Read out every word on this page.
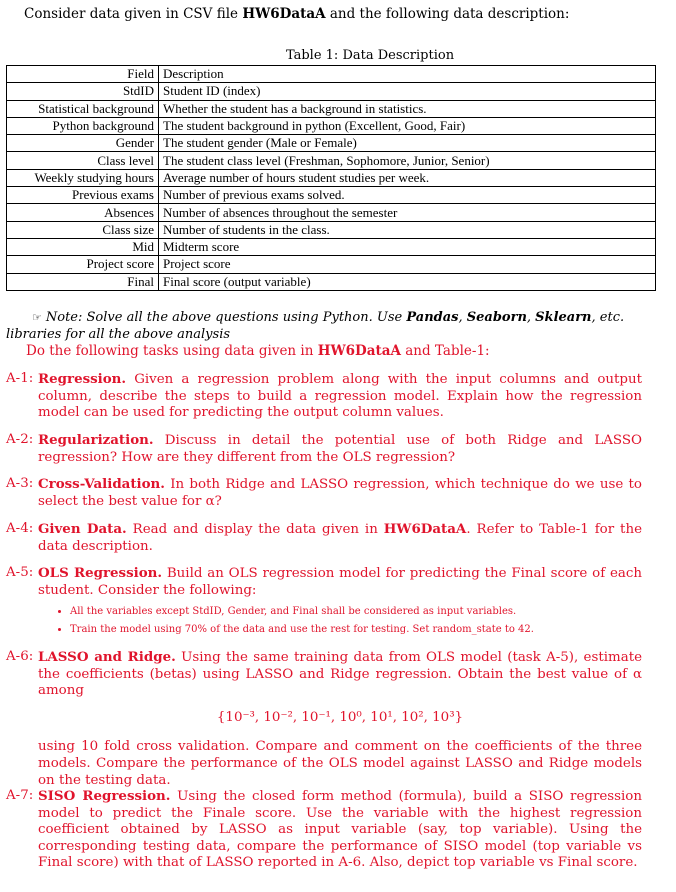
Consider data given in CSV file HW6DataA and the following data description:
Table 1: Data Description
Field	Description
StdID	Student ID (index)
Statistical background	Whether the student has a background in statistics.
Python background	The student background in python (Excellent, Good, Fair)
Gender	The student gender (Male or Female)
Class level	The student class level (Freshman, Sophomore, Junior, Senior)
Weekly studying hours	Average number of hours student studies per week.
Previous exams	Number of previous exams solved.
Absences	Number of absences throughout the semester
Class size	Number of students in the class.
Mid	Midterm score
Project score	Project score
Final	Final score (output variable)
☞ Note: Solve all the above questions using Python. Use Pandas, Seaborn, Sklearn, etc. libraries for all the above analysis
Do the following tasks using data given in HW6DataA and Table-1:
A-1: Regression. Given a regression problem along with the input columns and output column, describe the steps to build a regression model. Explain how the regression model can be used for predicting the output column values.
A-2: Regularization. Discuss in detail the potential use of both Ridge and LASSO regression? How are they different from the OLS regression?
A-3: Cross-Validation. In both Ridge and LASSO regression, which technique do we use to select the best value for α?
A-4: Given Data. Read and display the data given in HW6DataA. Refer to Table-1 for the data description.
A-5: OLS Regression. Build an OLS regression model for predicting the Final score of each student. Consider the following:
• All the variables except StdID, Gender, and Final shall be considered as input variables.
• Train the model using 70% of the data and use the rest for testing. Set random_state to 42.
A-6: LASSO and Ridge. Using the same training data from OLS model (task A-5), estimate the coefficients (betas) using LASSO and Ridge regression. Obtain the best value of α among
{10⁻³, 10⁻², 10⁻¹, 10⁰, 10¹, 10², 10³}
using 10 fold cross validation. Compare and comment on the coefficients of the three models. Compare the performance of the OLS model against LASSO and Ridge models on the testing data.
A-7: SISO Regression. Using the closed form method (formula), build a SISO regression model to predict the Finale score. Use the variable with the highest regression coefficient obtained by LASSO as input variable (say, top variable). Using the corresponding testing data, compare the performance of SISO model (top variable vs Final score) with that of LASSO reported in A-6. Also, depict top variable vs Final score.
